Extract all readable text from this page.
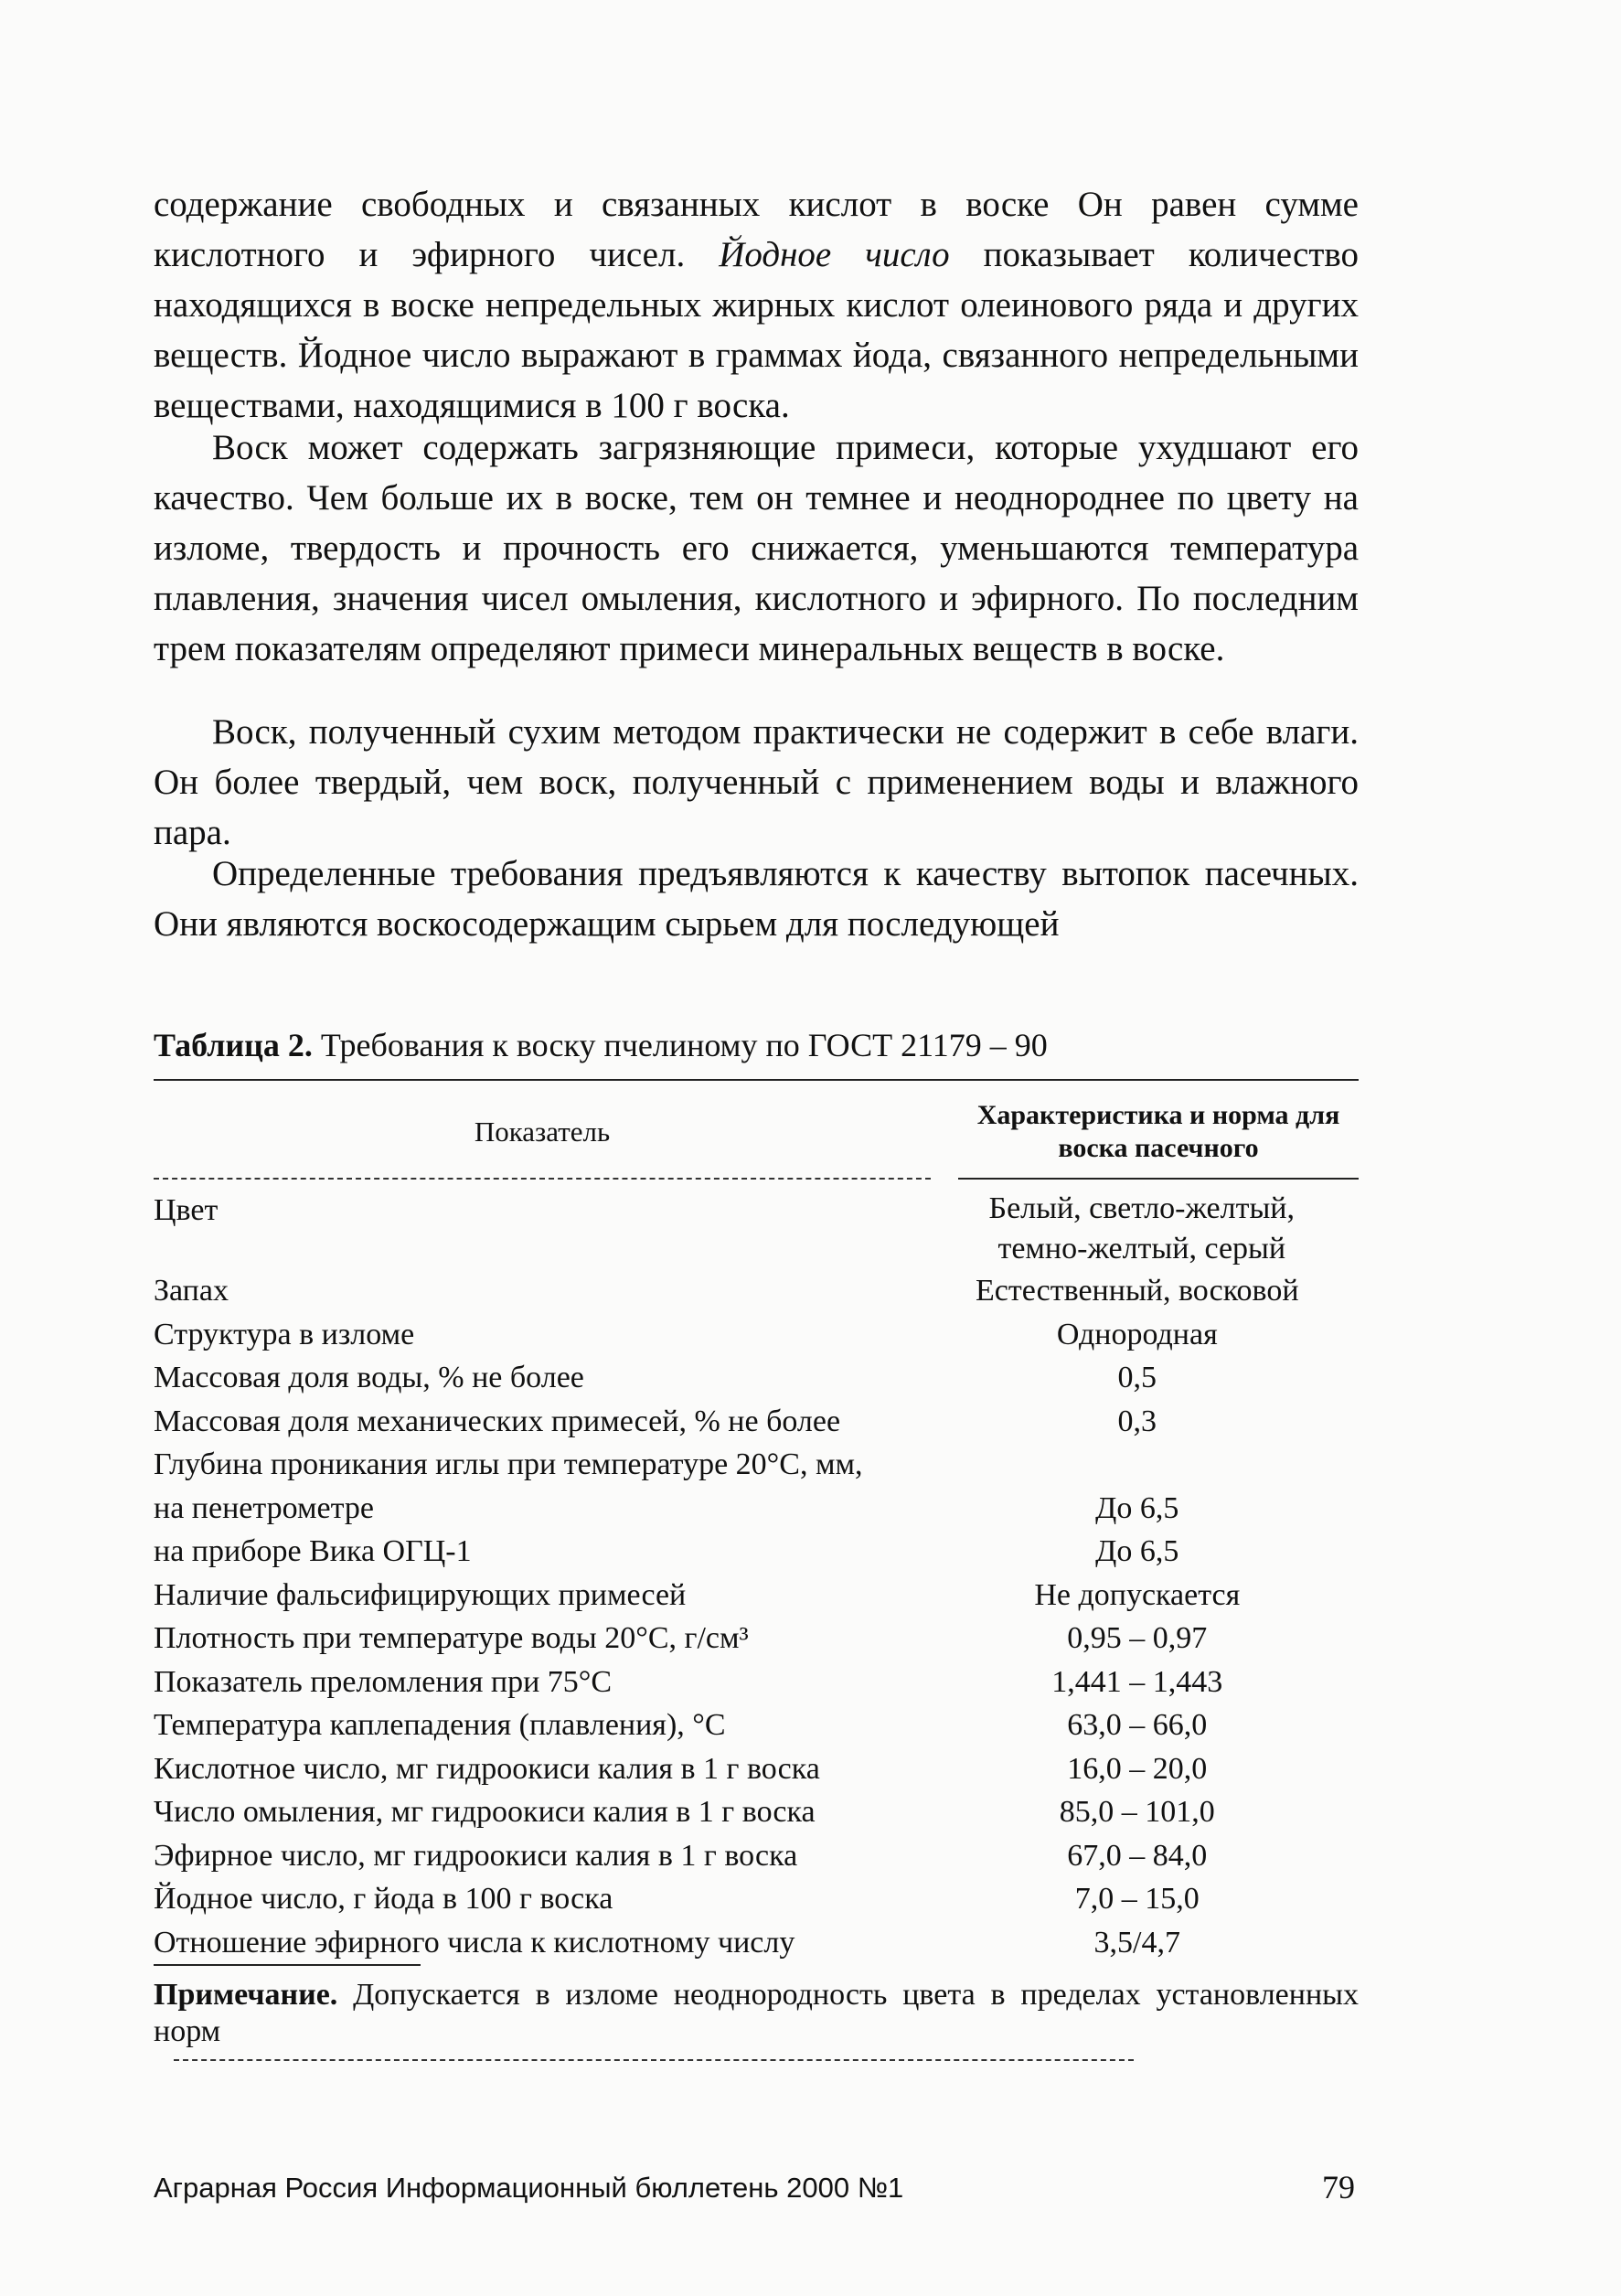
содержание свободных и связанных кислот в воске Он равен сумме кислотного и эфирного чисел. Йодное число показывает количество находящихся в воске непредельных жирных кислот олеинового ряда и других веществ. Йодное число выражают в граммах йода, связанного непредельными веществами, находящимися в 100 г воска.

Воск может содержать загрязняющие примеси, которые ухудшают его качество. Чем больше их в воске, тем он темнее и неоднороднее по цвету на изломе, твердость и прочность его снижается, уменьшаются температура плавления, значения чисел омыления, кислотного и эфирного. По последним трем показателям определяют примеси минеральных веществ в воске.

Воск, полученный сухим методом практически не содержит в себе влаги. Он более твердый, чем воск, полученный с применением воды и влажного пара.

Определенные требования предъявляются к качеству вытопок пасечных. Они являются воскосодержащим сырьем для последующей

Таблица 2. Требования к воску пчелиному по ГОСТ 21179 – 90
Показатель
Характеристика и норма для воска пасечного
Цвет	Белый, светло-желтый, темно-желтый, серый
Запах	Естественный, восковой
Структура в изломе	Однородная
Массовая доля воды, % не более	0,5
Массовая доля механических примесей, % не более	0,3
Глубина проникания иглы при температуре 20°С, мм,	
на пенетрометре	До 6,5
на приборе Вика ОГЦ-1	До 6,5
Наличие фальсифицирующих примесей	Не допускается
Плотность при температуре воды 20°С, г/см³	0,95 – 0,97
Показатель преломления при 75°С	1,441 – 1,443
Температура каплепадения (плавления), °С	63,0 – 66,0
Кислотное число, мг гидроокиси калия в 1 г воска	16,0 – 20,0
Число омыления, мг гидроокиси калия в 1 г воска	85,0 – 101,0
Эфирное число, мг гидроокиси калия в 1 г воска	67,0 – 84,0
Йодное число, г йода в 100 г воска	7,0 – 15,0
Отношение эфирного числа к кислотному числу	3,5/4,7
Примечание. Допускается в изломе неоднородность цвета в пределах установленных норм
Аграрная Россия Информационный бюллетень 2000 №1	79
